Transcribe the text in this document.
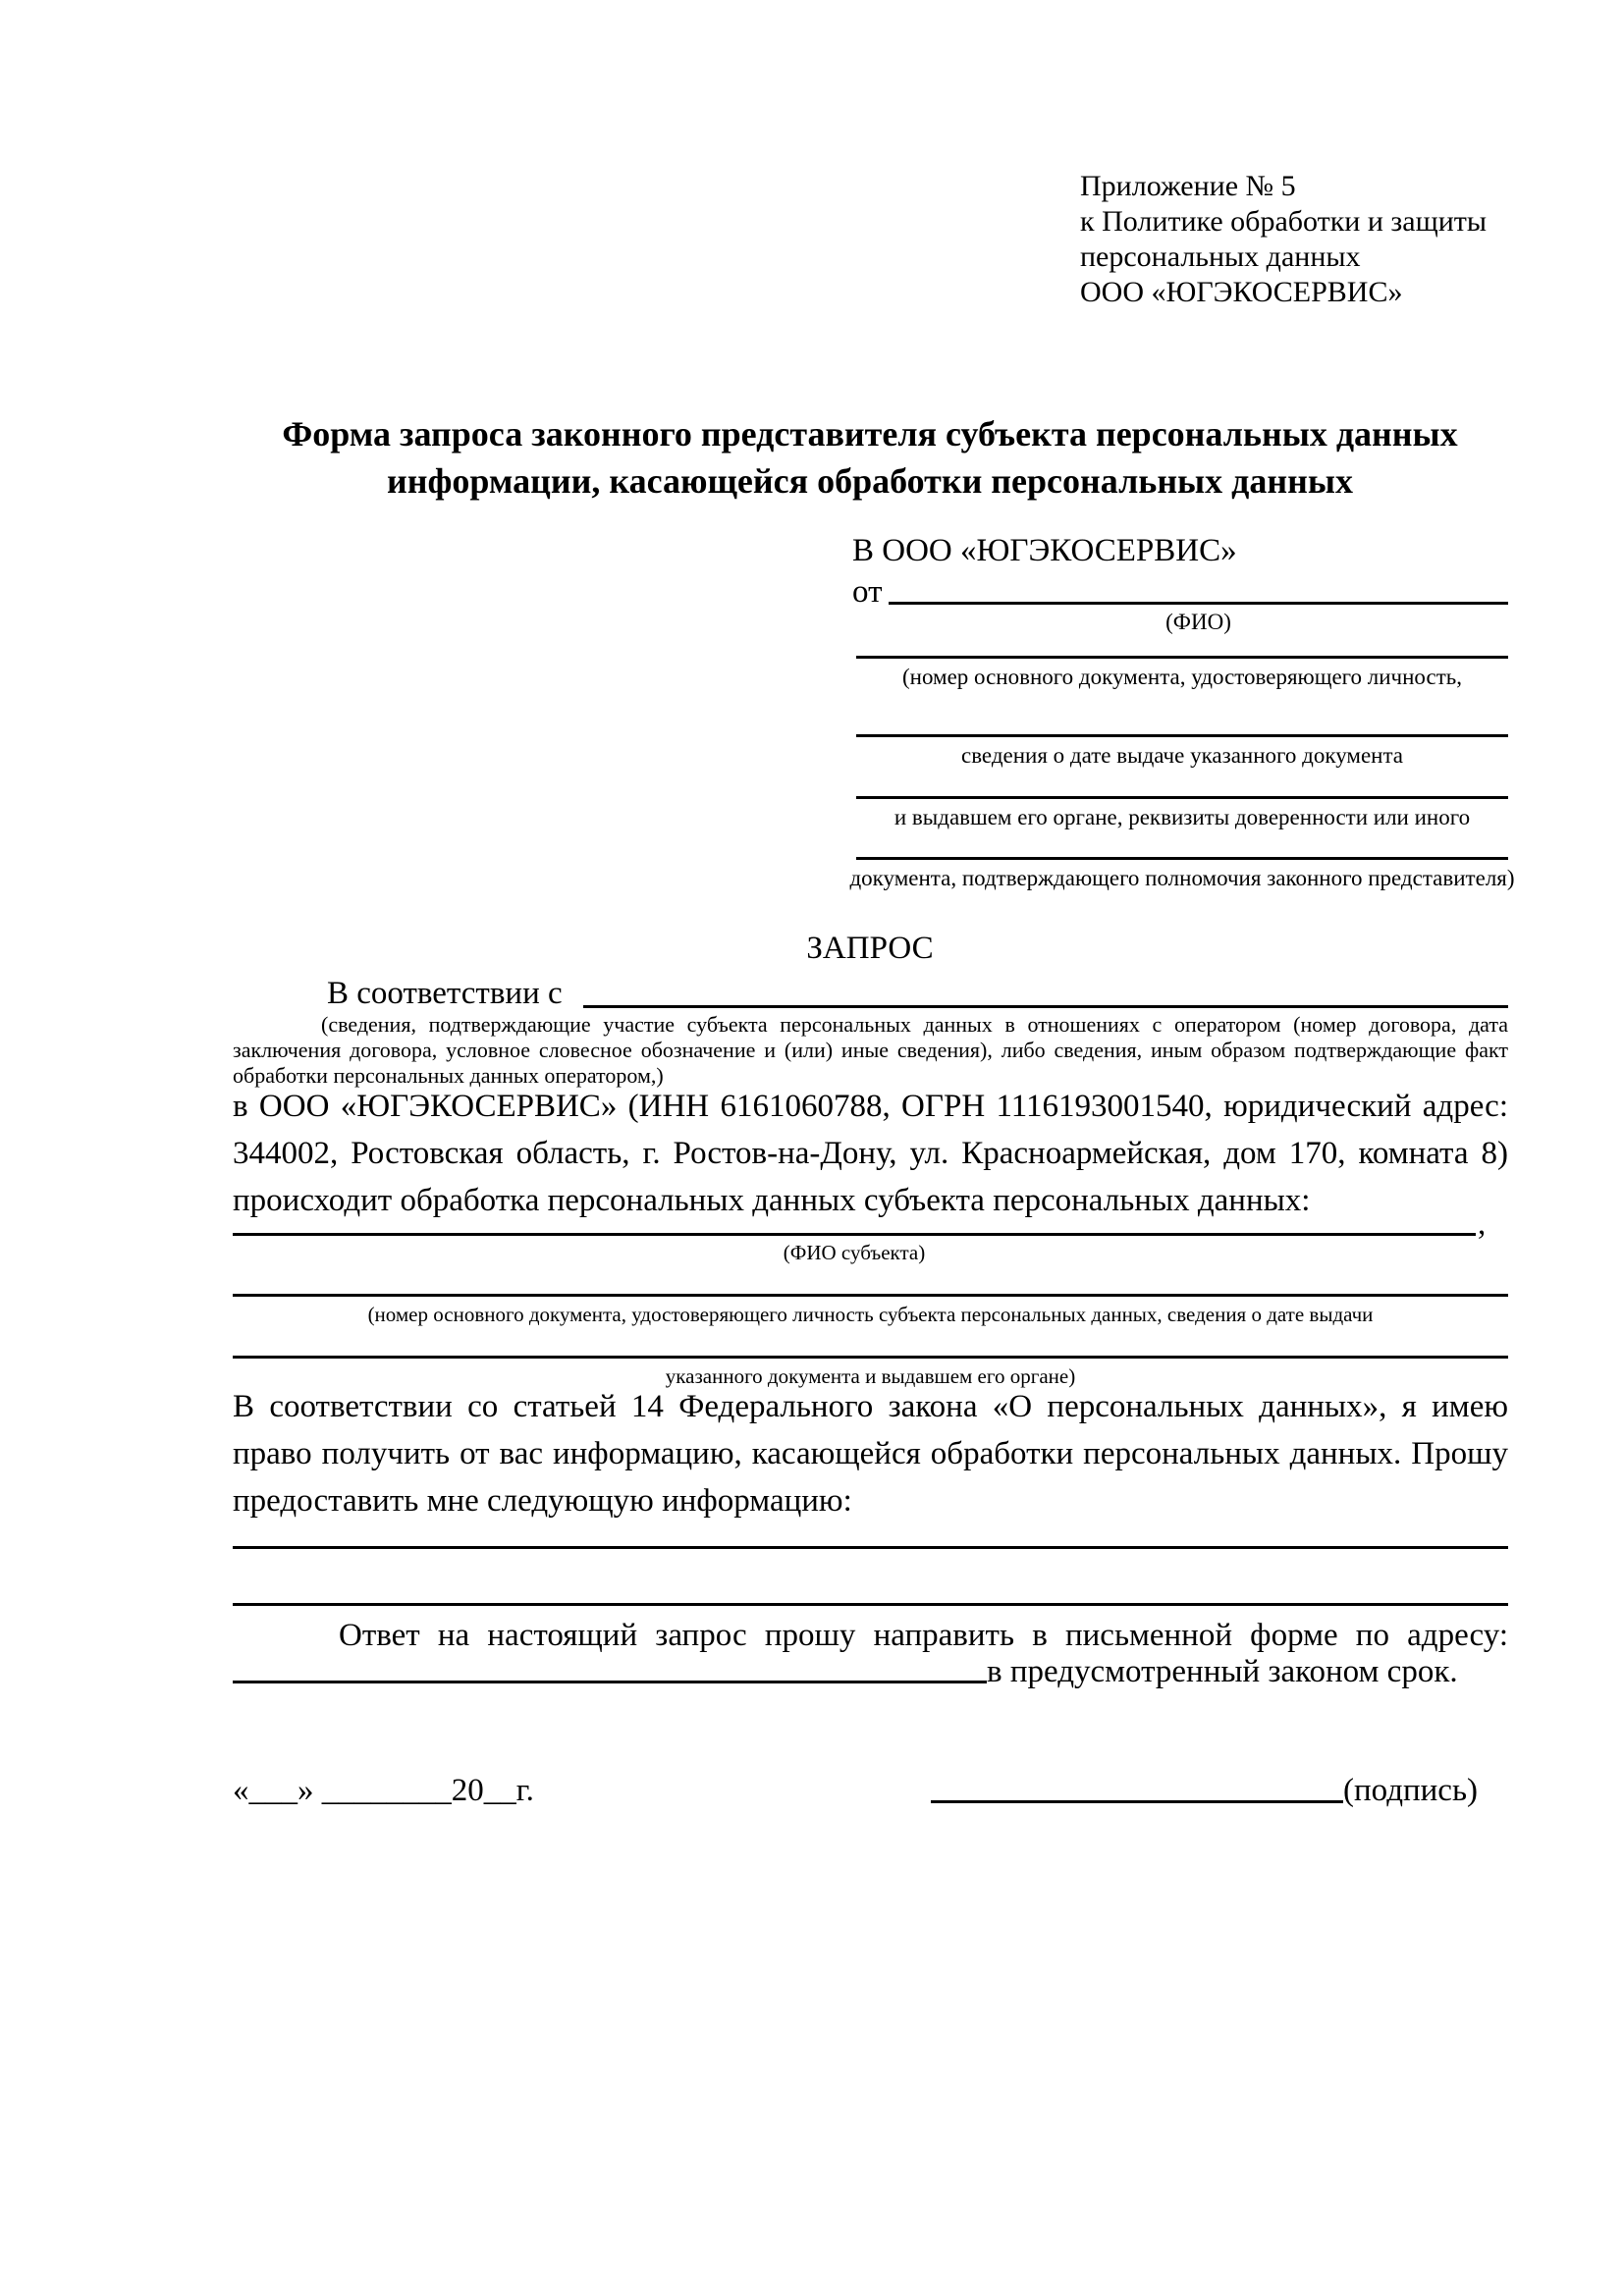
Приложение № 5
к Политике обработки и защиты
персональных данных
ООО «ЮГЭКОСЕРВИС»
Форма запроса законного представителя субъекта персональных данных
информации, касающейся обработки персональных данных
В ООО «ЮГЭКОСЕРВИС»
от
(ФИО)
(номер основного документа, удостоверяющего личность,
сведения о дате выдаче указанного документа
и выдавшем его органе, реквизиты доверенности или иного
документа, подтверждающего полномочия законного представителя)
ЗАПРОС
В соответствии с
(сведения, подтверждающие участие субъекта персональных данных в отношениях с оператором (номер договора, дата
заключения договора, условное словесное обозначение и (или) иные сведения), либо сведения, иным образом подтверждающие факт
обработки персональных данных оператором,)
в ООО «ЮГЭКОСЕРВИС» (ИНН 6161060788, ОГРН 1116193001540, юридический адрес:
344002, Ростовская область, г. Ростов-на-Дону, ул. Красноармейская, дом 170, комната 8)
происходит обработка персональных данных субъекта персональных данных:
,
(ФИО субъекта)
(номер основного документа, удостоверяющего личность субъекта персональных данных, сведения о дате выдачи
указанного документа и выдавшем его органе)
В соответствии со статьей 14 Федерального закона «О персональных данных», я имею
право получить от вас информацию, касающейся обработки персональных данных. Прошу
предоставить мне следующую информацию:
Ответ на настоящий запрос прошу направить в письменной форме по адресу:
в предусмотренный законом срок.
«___» ________20__г.	(подпись)
